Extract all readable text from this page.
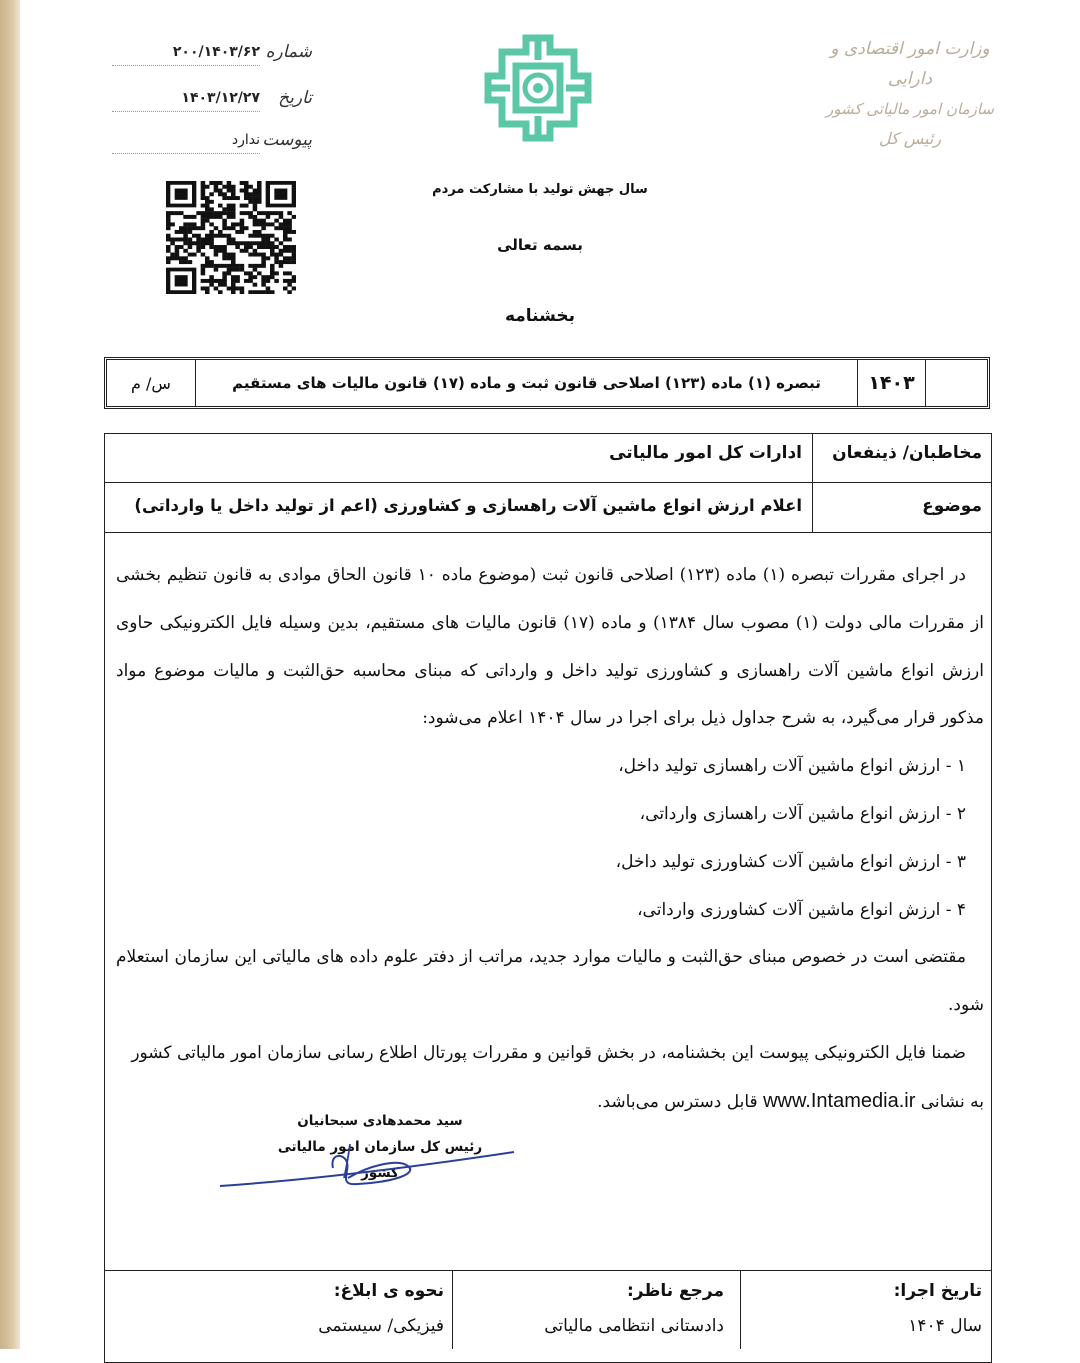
شماره
۲۰۰/۱۴۰۳/۶۲
تاریخ
۱۴۰۳/۱۲/۲۷
پیوست
ندارد
وزارت امور اقتصادی و دارایی
سازمان امور مالیاتی کشور
رئیس کل
سال جهش تولید با مشارکت مردم
بسمه تعالی
بخشنامه
۱۴۰۳
تبصره (۱) ماده (۱۲۳) اصلاحی قانون ثبت و ماده (۱۷) قانون مالیات های مستقیم
س/ م
مخاطبان/ ذینفعان
ادارات کل امور مالیاتی
موضوع
اعلام ارزش انواع ماشین آلات راهسازی و کشاورزی (اعم از تولید داخل یا وارداتی)

در اجرای مقررات تبصره (۱) ماده (۱۲۳) اصلاحی قانون ثبت (موضوع ماده ۱۰ قانون الحاق موادی به قانون تنظیم بخشی از مقررات مالی دولت (۱) مصوب سال ۱۳۸۴) و ماده (۱۷) قانون مالیات های مستقیم، بدین وسیله فایل الکترونیکی حاوی ارزش انواع ماشین آلات راهسازی و کشاورزی تولید داخل و وارداتی که مبنای محاسبه حق‌الثبت و مالیات موضوع مواد مذکور قرار می‌گیرد، به شرح جداول ذیل برای اجرا در سال ۱۴۰۴ اعلام می‌شود:

۱ - ارزش انواع ماشین آلات راهسازی تولید داخل،

۲ - ارزش انواع ماشین آلات راهسازی وارداتی،

۳ - ارزش انواع ماشین آلات کشاورزی تولید داخل،

۴ - ارزش انواع ماشین آلات کشاورزی وارداتی،

مقتضی است در خصوص مبنای حق‌الثبت و مالیات موارد جدید، مراتب از دفتر علوم داده های مالیاتی این سازمان استعلام شود.

ضمنا فایل الکترونیکی پیوست این بخشنامه، در بخش قوانین و مقررات پورتال اطلاع رسانی سازمان امور مالیاتی کشور

به نشانی www.Intamedia.ir قابل دسترس می‌باشد.

سید محمدهادی سبحانیان
رئیس کل سازمان امور مالیاتی کشور
تاریخ اجرا:
سال ۱۴۰۴
مرجع ناظر:
دادستانی انتظامی مالیاتی
نحوه ی ابلاغ:
فیزیکی/ سیستمی
